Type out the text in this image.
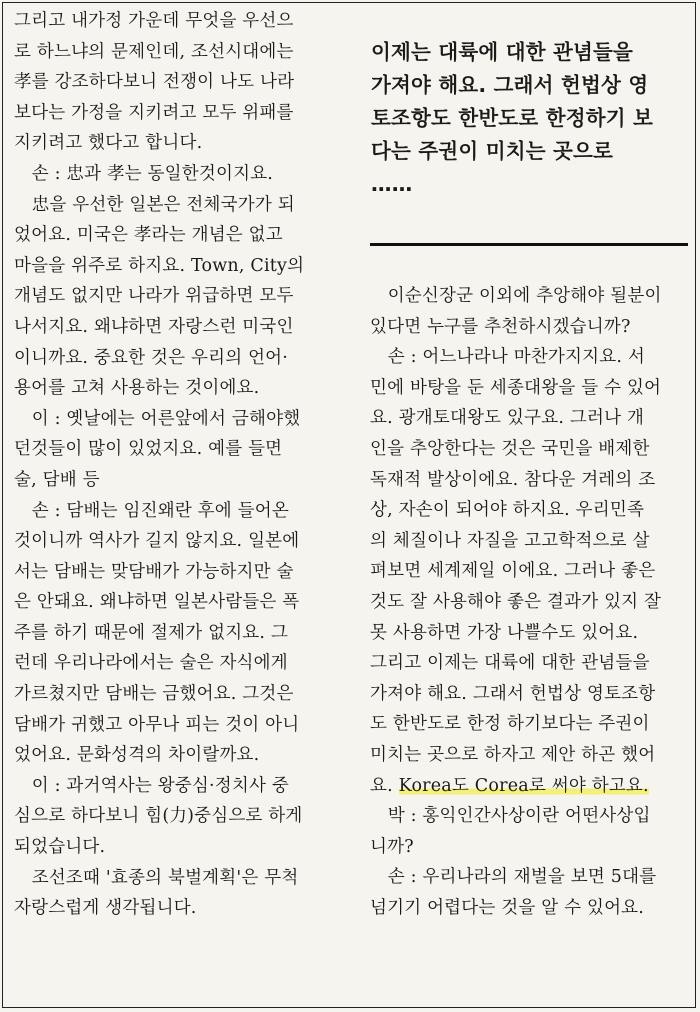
그리고 내가정 가운데 무엇을 우선으
로 하느냐의 문제인데, 조선시대에는
孝를 강조하다보니 전쟁이 나도 나라
보다는 가정을 지키려고 모두 위패를
지키려고 했다고 합니다.
　손 : 忠과 孝는 동일한것이지요.
　忠을 우선한 일본은 전체국가가 되
었어요. 미국은 孝라는 개념은 없고
마을을 위주로 하지요. Town, City의
개념도 없지만 나라가 위급하면 모두
나서지요. 왜냐하면 자랑스런 미국인
이니까요. 중요한 것은 우리의 언어·
용어를 고쳐 사용하는 것이에요.
　이 : 옛날에는 어른앞에서 금해야했
던것들이 많이 있었지요. 예를 들면
술, 담배 등
　손 : 담배는 임진왜란 후에 들어온
것이니까 역사가 길지 않지요. 일본에
서는 담배는 맞담배가 가능하지만 술
은 안돼요. 왜냐하면 일본사람들은 폭
주를 하기 때문에 절제가 없지요. 그
런데 우리나라에서는 술은 자식에게
가르쳤지만 담배는 금했어요. 그것은
담배가 귀했고 아무나 피는 것이 아니
었어요. 문화성격의 차이랄까요.
　이 : 과거역사는 왕중심·정치사 중
심으로 하다보니 힘(力)중심으로 하게
되었습니다.
　조선조때 '효종의 북벌계획'은 무척
자랑스럽게 생각됩니다.
이제는 대륙에 대한 관념들을
가져야 해요. 그래서 헌법상 영
토조항도 한반도로 한정하기 보
다는 주권이 미치는 곳으로
……
　이순신장군 이외에 추앙해야 될분이
있다면 누구를 추천하시겠습니까?
　손 : 어느나라나 마찬가지지요. 서
민에 바탕을 둔 세종대왕을 들 수 있어
요. 광개토대왕도 있구요. 그러나 개
인을 추앙한다는 것은 국민을 배제한
독재적 발상이에요. 참다운 겨레의 조
상, 자손이 되어야 하지요. 우리민족
의 체질이나 자질을 고고학적으로 살
펴보면 세계제일 이에요. 그러나 좋은
것도 잘 사용해야 좋은 결과가 있지 잘
못 사용하면 가장 나쁠수도 있어요.
그리고 이제는 대륙에 대한 관념들을
가져야 해요. 그래서 헌법상 영토조항
도 한반도로 한정 하기보다는 주권이
미치는 곳으로 하자고 제안 하곤 했어
요. Korea도 Corea로 써야 하고요.
　박 : 홍익인간사상이란 어떤사상입
니까?
　손 : 우리나라의 재벌을 보면 5대를
넘기기 어렵다는 것을 알 수 있어요.
